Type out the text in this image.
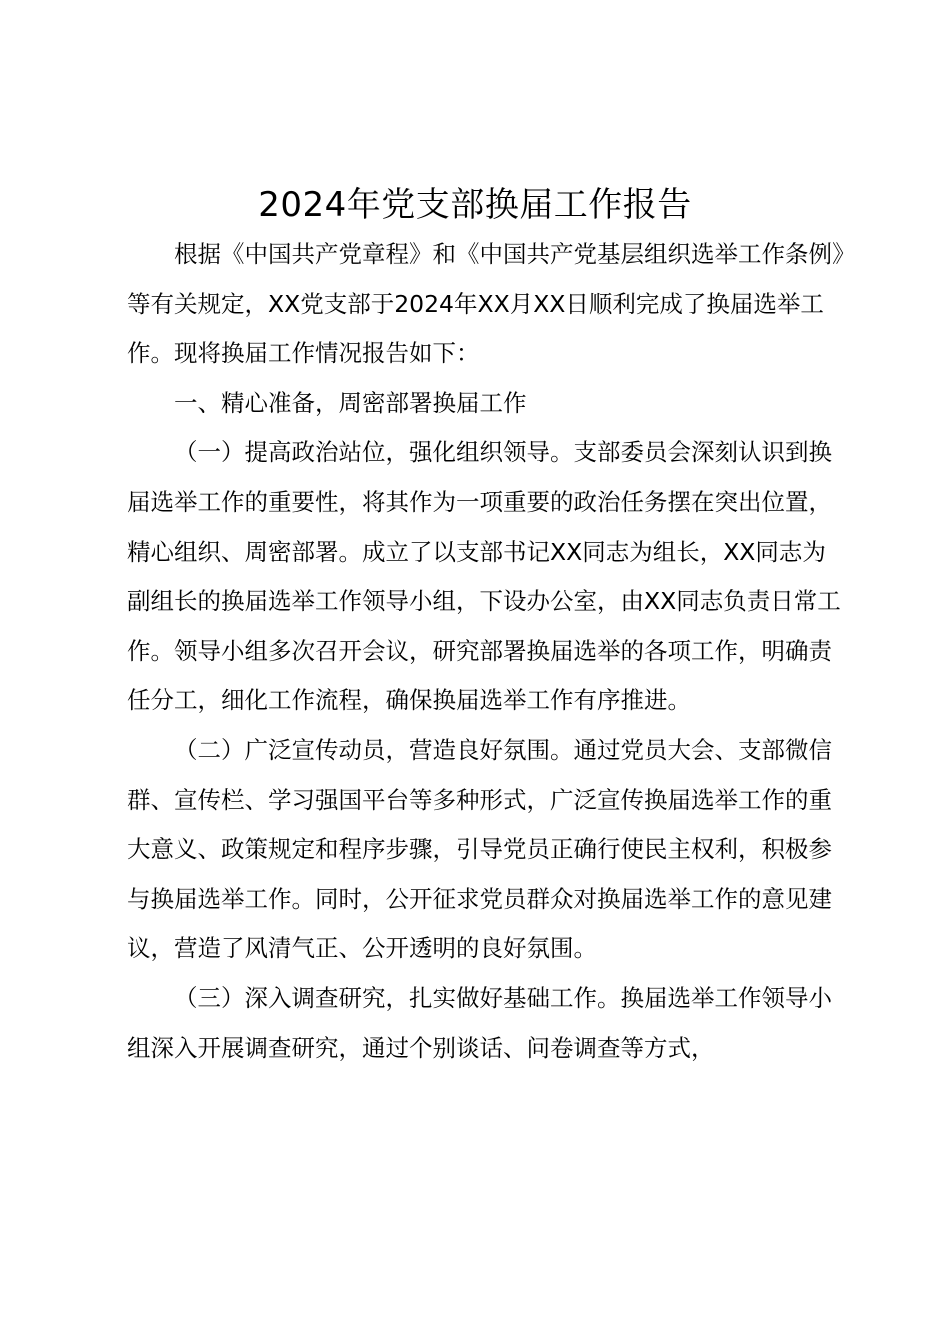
2024年党支部换届工作报告

根据《中国共产党章程》和《中国共产党基层组织选举工作条例》等有关规定，XX党支部于2024年XX月XX日顺利完成了换届选举工作。现将换届工作情况报告如下：

一、精心准备，周密部署换届工作

（一）提高政治站位，强化组织领导。支部委员会深刻认识到换届选举工作的重要性，将其作为一项重要的政治任务摆在突出位置，精心组织、周密部署。成立了以支部书记XX同志为组长，XX同志为副组长的换届选举工作领导小组，下设办公室，由XX同志负责日常工作。领导小组多次召开会议，研究部署换届选举的各项工作，明确责任分工，细化工作流程，确保换届选举工作有序推进。

（二）广泛宣传动员，营造良好氛围。通过党员大会、支部微信群、宣传栏、学习强国平台等多种形式，广泛宣传换届选举工作的重大意义、政策规定和程序步骤，引导党员正确行使民主权利，积极参与换届选举工作。同时，公开征求党员群众对换届选举工作的意见建议，营造了风清气正、公开透明的良好氛围。

（三）深入调查研究，扎实做好基础工作。换届选举工作领导小组深入开展调查研究，通过个别谈话、问卷调查等方式，
